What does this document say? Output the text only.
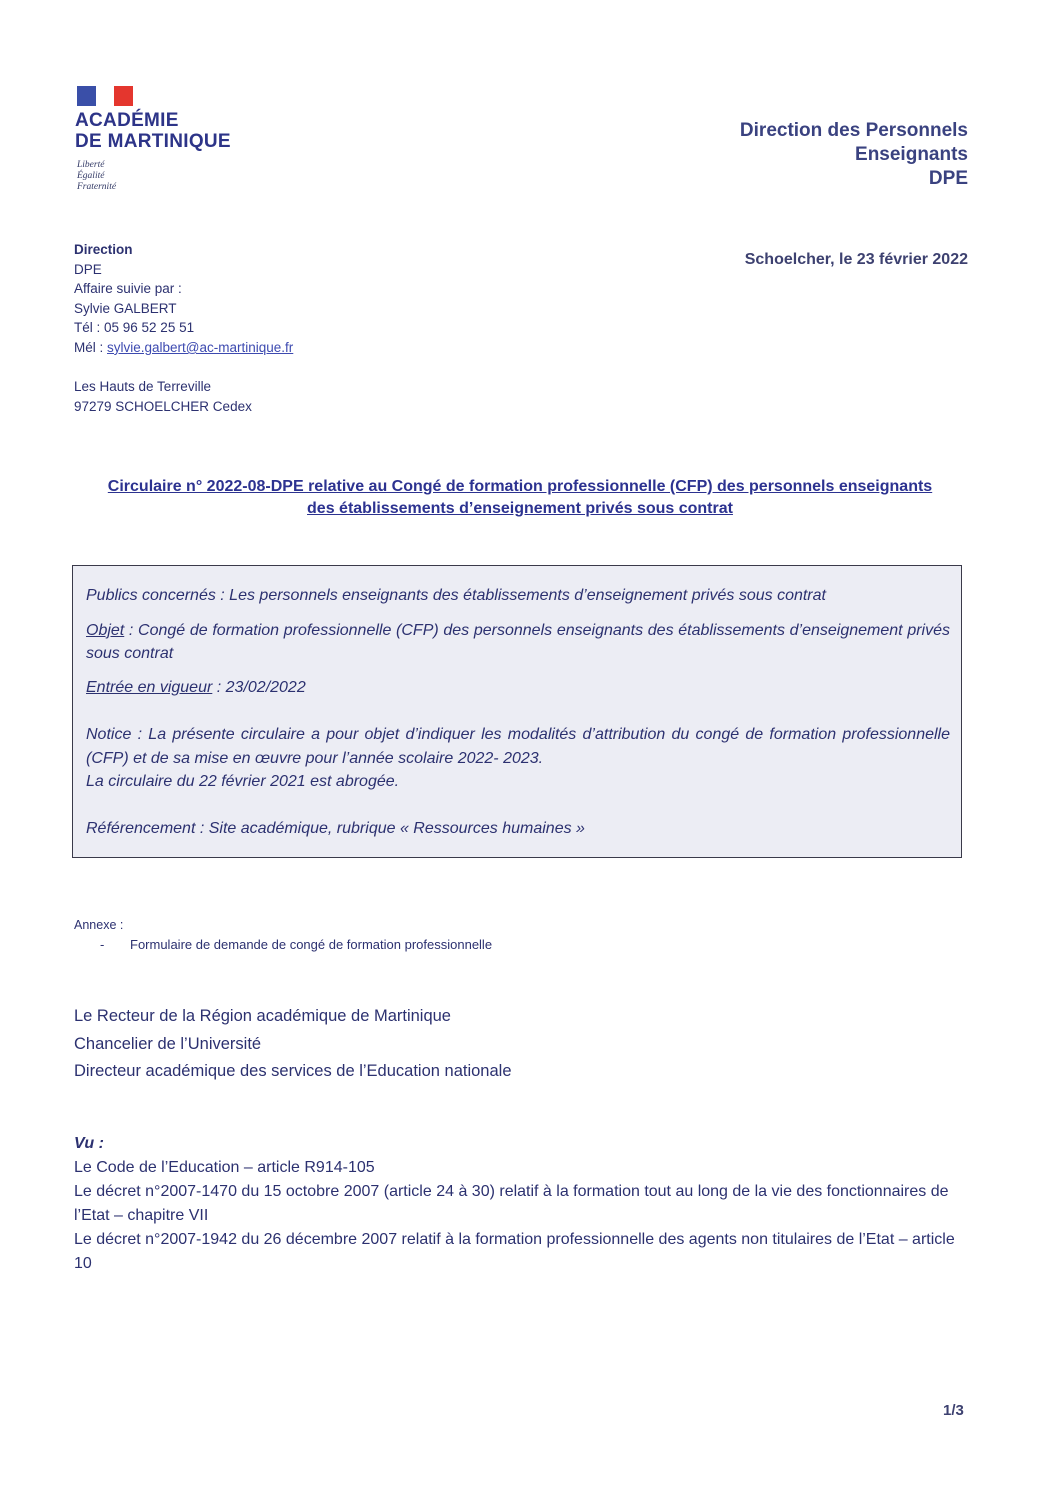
ACADÉMIE
DE MARTINIQUE
Liberté
Égalité
Fraternité
Direction des Personnels
Enseignants
DPE
Schoelcher, le 23 février 2022
Direction
DPE
Affaire suivie par :
Sylvie GALBERT
Tél : 05 96 52 25 51
Mél : sylvie.galbert@ac-martinique.fr
Les Hauts de Terreville
97279 SCHOELCHER Cedex
Circulaire n° 2022-08-DPE relative au Congé de formation professionnelle (CFP) des personnels enseignants
des établissements d’enseignement privés sous contrat

Publics concernés : Les personnels enseignants des établissements d’enseignement privés sous contrat

Objet : Congé de formation professionnelle (CFP) des personnels enseignants des établissements d’enseignement privés sous contrat

Entrée en vigueur : 23/02/2022

Notice : La présente circulaire a pour objet d’indiquer les modalités d’attribution du congé de formation professionnelle (CFP) et de sa mise en œuvre pour l’année scolaire 2022- 2023.

La circulaire du 22 février 2021 est abrogée.

Référencement : Site académique, rubrique « Ressources humaines »

Annexe :
- Formulaire de demande de congé de formation professionnelle
Le Recteur de la Région académique de Martinique
Chancelier de l’Université
Directeur académique des services de l’Education nationale
Vu :
Le Code de l’Education – article R914-105
Le décret n°2007-1470 du 15 octobre 2007 (article 24 à 30) relatif à la formation tout au long de la vie des fonctionnaires de l’Etat – chapitre VII
Le décret n°2007-1942 du 26 décembre 2007 relatif à la formation professionnelle des agents non titulaires de l’Etat – article 10
1/3
